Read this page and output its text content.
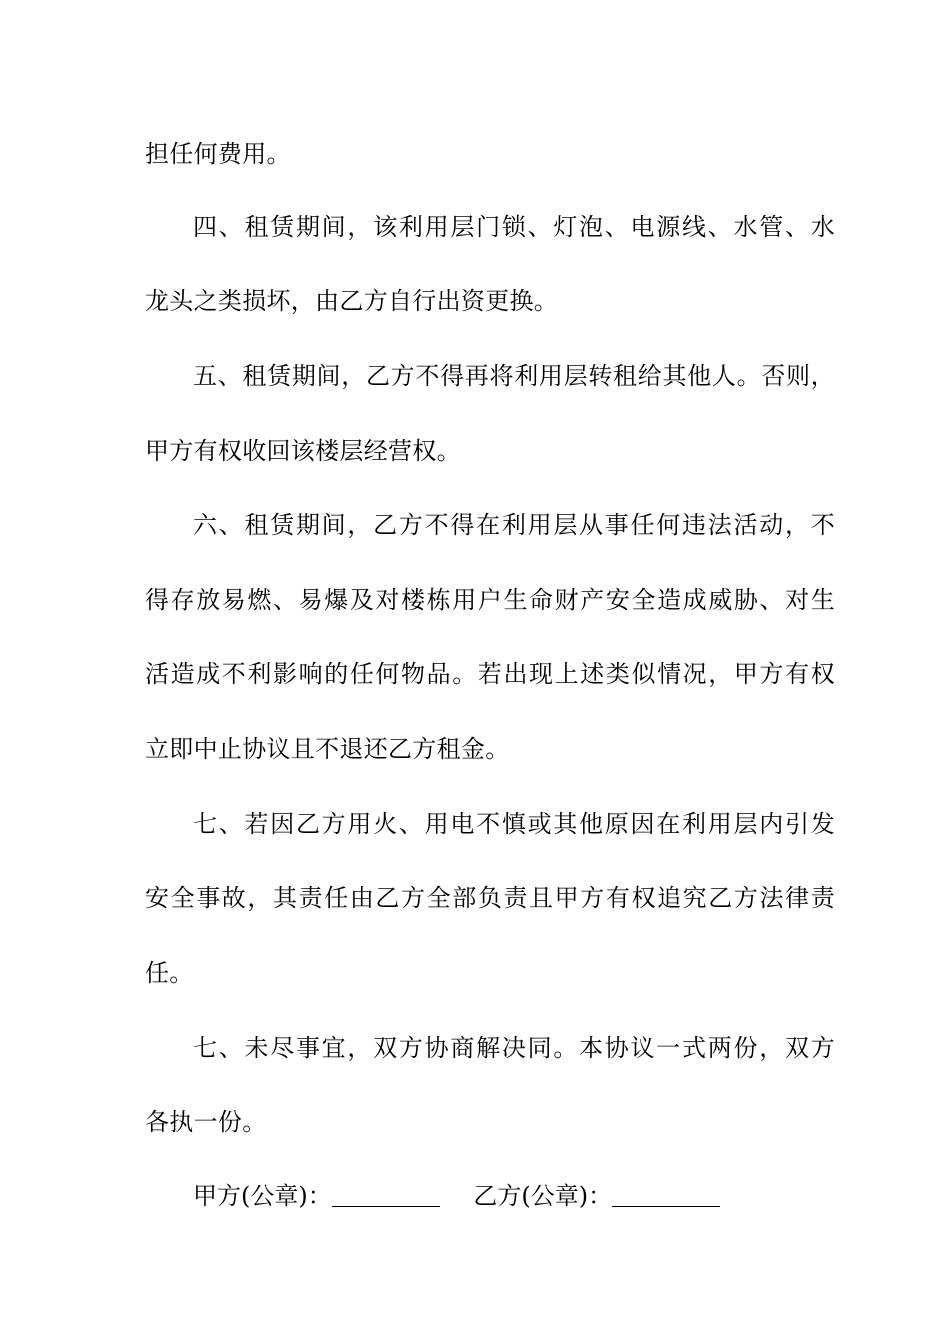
担任何费用。
四、租赁期间，该利用层门锁、灯泡、电源线、水管、水
龙头之类损坏，由乙方自行出资更换。
五、租赁期间，乙方不得再将利用层转租给其他人。否则，
甲方有权收回该楼层经营权。
六、租赁期间，乙方不得在利用层从事任何违法活动，不
得存放易燃、易爆及对楼栋用户生命财产安全造成威胁、对生
活造成不利影响的任何物品。若出现上述类似情况，甲方有权
立即中止协议且不退还乙方租金。
七、若因乙方用火、用电不慎或其他原因在利用层内引发
安全事故，其责任由乙方全部负责且甲方有权追究乙方法律责
任。
七、未尽事宜，双方协商解决同。本协议一式两份，双方
各执一份。
甲方(公章)：	乙方(公章)：
